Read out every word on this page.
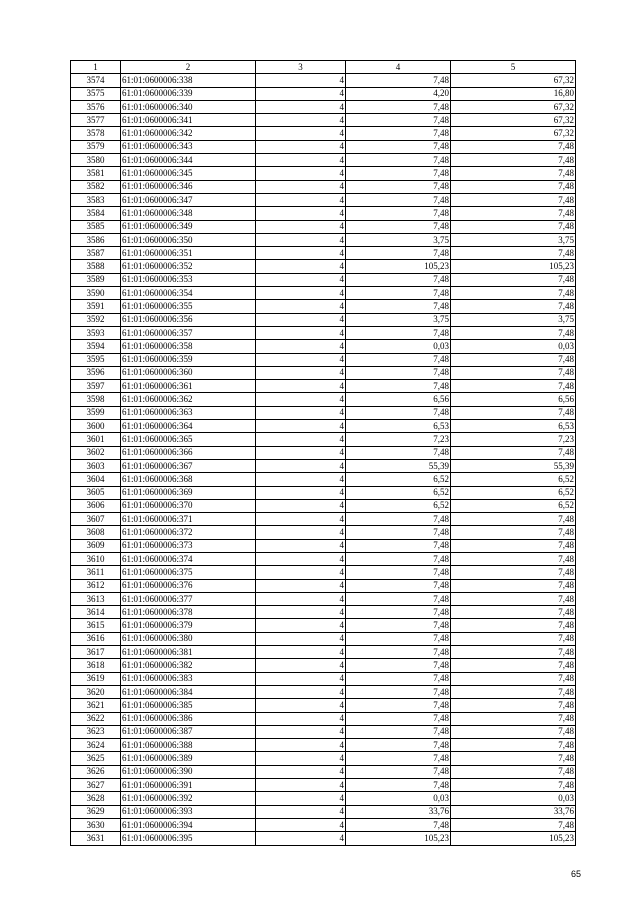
1	2	3	4	5
3574	61:01:0600006:338	4	7,48	67,32
3575	61:01:0600006:339	4	4,20	16,80
3576	61:01:0600006:340	4	7,48	67,32
3577	61:01:0600006:341	4	7,48	67,32
3578	61:01:0600006:342	4	7,48	67,32
3579	61:01:0600006:343	4	7,48	7,48
3580	61:01:0600006:344	4	7,48	7,48
3581	61:01:0600006:345	4	7,48	7,48
3582	61:01:0600006:346	4	7,48	7,48
3583	61:01:0600006:347	4	7,48	7,48
3584	61:01:0600006:348	4	7,48	7,48
3585	61:01:0600006:349	4	7,48	7,48
3586	61:01:0600006:350	4	3,75	3,75
3587	61:01:0600006:351	4	7,48	7,48
3588	61:01:0600006:352	4	105,23	105,23
3589	61:01:0600006:353	4	7,48	7,48
3590	61:01:0600006:354	4	7,48	7,48
3591	61:01:0600006:355	4	7,48	7,48
3592	61:01:0600006:356	4	3,75	3,75
3593	61:01:0600006:357	4	7,48	7,48
3594	61:01:0600006:358	4	0,03	0,03
3595	61:01:0600006:359	4	7,48	7,48
3596	61:01:0600006:360	4	7,48	7,48
3597	61:01:0600006:361	4	7,48	7,48
3598	61:01:0600006:362	4	6,56	6,56
3599	61:01:0600006:363	4	7,48	7,48
3600	61:01:0600006:364	4	6,53	6,53
3601	61:01:0600006:365	4	7,23	7,23
3602	61:01:0600006:366	4	7,48	7,48
3603	61:01:0600006:367	4	55,39	55,39
3604	61:01:0600006:368	4	6,52	6,52
3605	61:01:0600006:369	4	6,52	6,52
3606	61:01:0600006:370	4	6,52	6,52
3607	61:01:0600006:371	4	7,48	7,48
3608	61:01:0600006:372	4	7,48	7,48
3609	61:01:0600006:373	4	7,48	7,48
3610	61:01:0600006:374	4	7,48	7,48
3611	61:01:0600006:375	4	7,48	7,48
3612	61:01:0600006:376	4	7,48	7,48
3613	61:01:0600006:377	4	7,48	7,48
3614	61:01:0600006:378	4	7,48	7,48
3615	61:01:0600006:379	4	7,48	7,48
3616	61:01:0600006:380	4	7,48	7,48
3617	61:01:0600006:381	4	7,48	7,48
3618	61:01:0600006:382	4	7,48	7,48
3619	61:01:0600006:383	4	7,48	7,48
3620	61:01:0600006:384	4	7,48	7,48
3621	61:01:0600006:385	4	7,48	7,48
3622	61:01:0600006:386	4	7,48	7,48
3623	61:01:0600006:387	4	7,48	7,48
3624	61:01:0600006:388	4	7,48	7,48
3625	61:01:0600006:389	4	7,48	7,48
3626	61:01:0600006:390	4	7,48	7,48
3627	61:01:0600006:391	4	7,48	7,48
3628	61:01:0600006:392	4	0,03	0,03
3629	61:01:0600006:393	4	33,76	33,76
3630	61:01:0600006:394	4	7,48	7,48
3631	61:01:0600006:395	4	105,23	105,23
65
